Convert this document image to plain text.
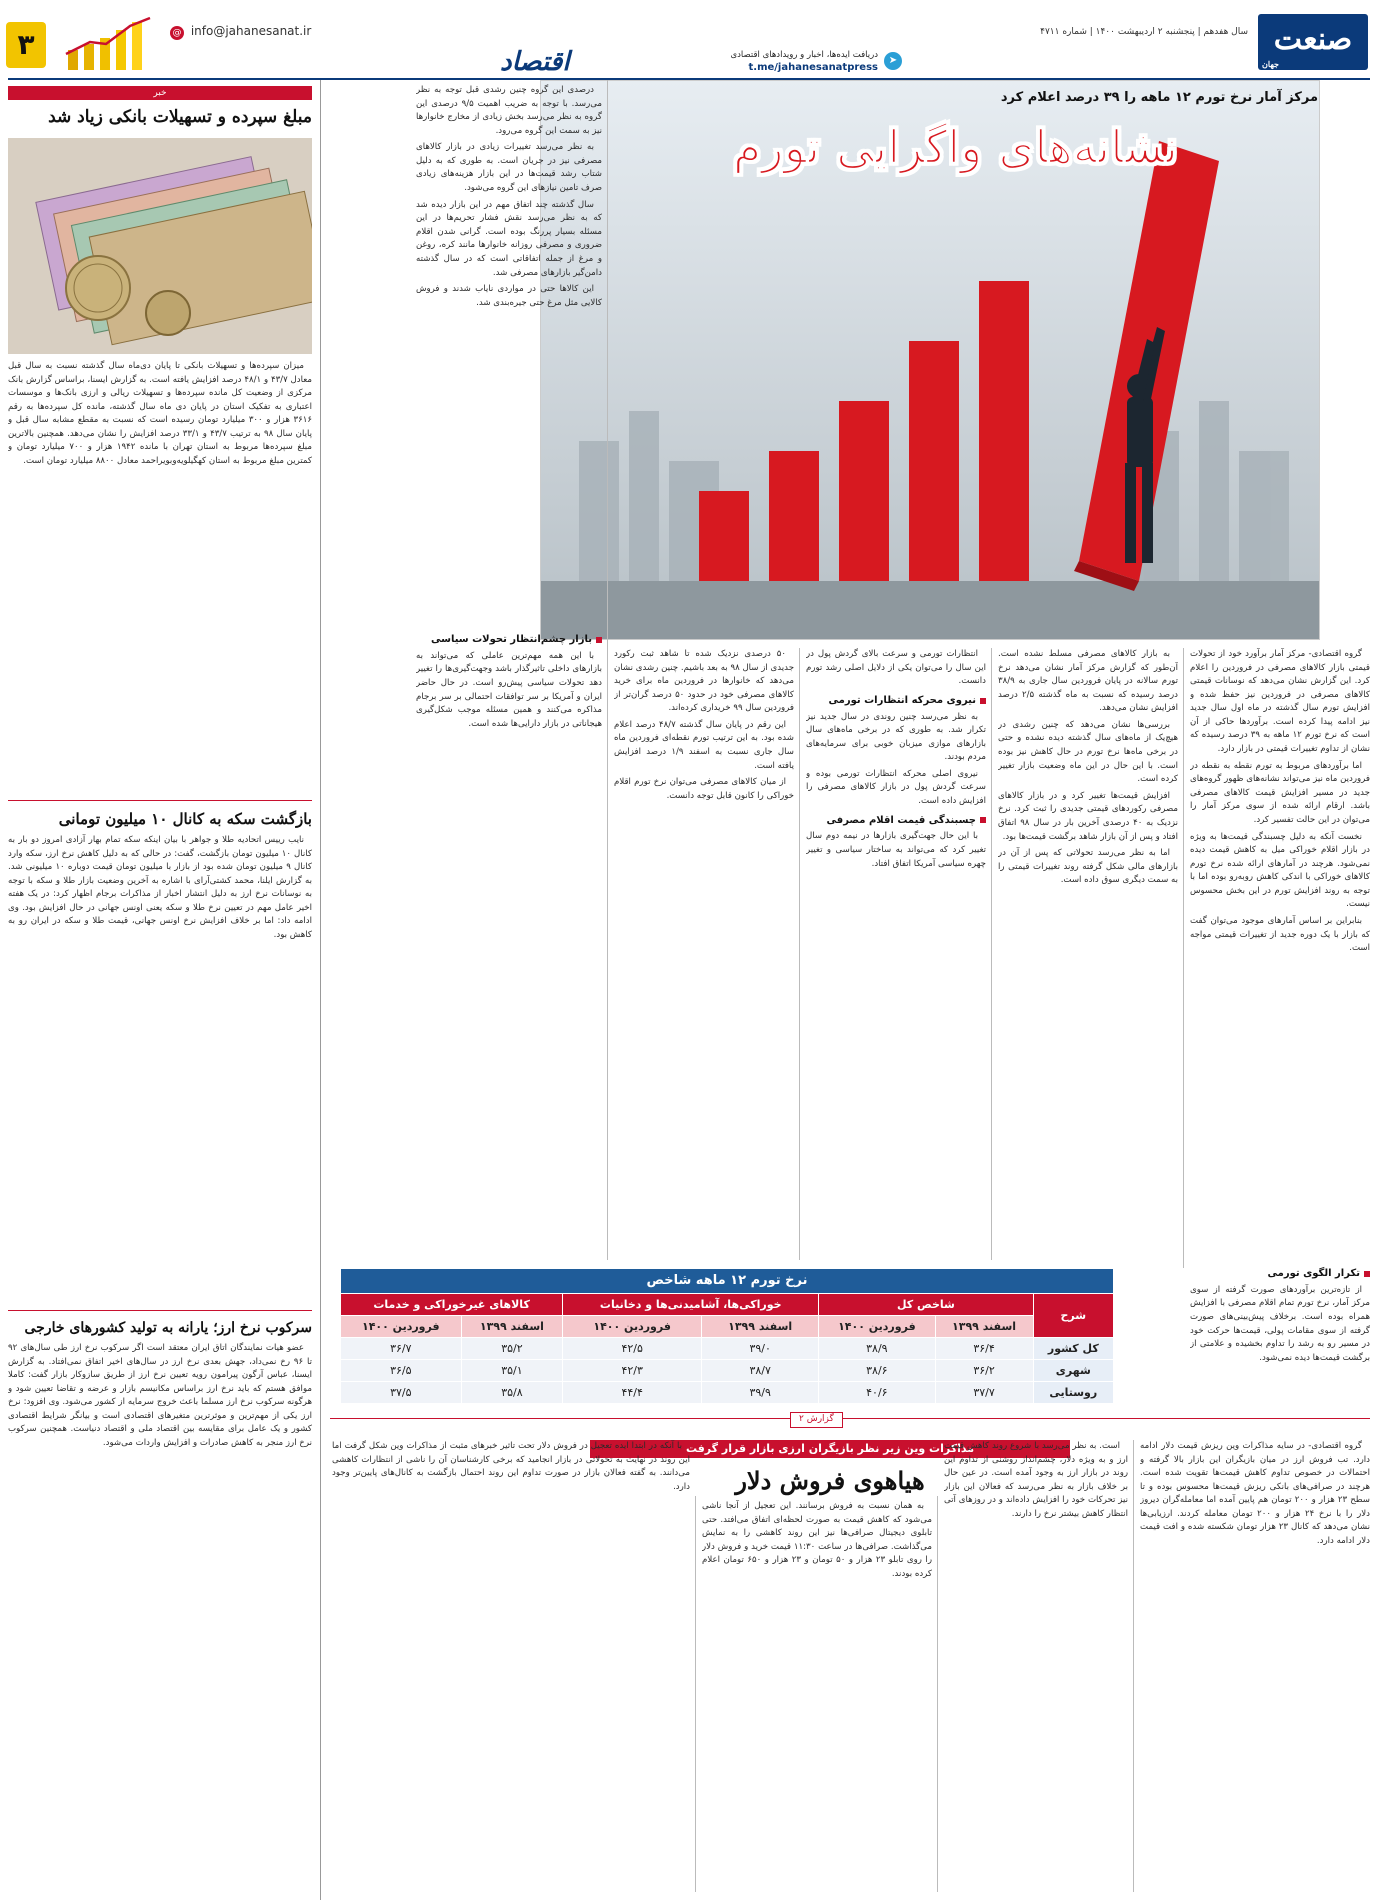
صنعت
جهان
سال هفدهم | پنجشنبه ۲ اردیبهشت ۱۴۰۰ | شماره ۴۷۱۱
➤
دریافت ایده‌ها، اخبار و رویدادهای اقتصادی
t.me/jahanesanatpress
اقتصاد
info@jahanesanat.ir @
۳
مرکز آمار نرخ تورم ۱۲ ماهه را ۳۹ درصد اعلام کرد
نشانه‌های واگرایی تورم

گروه اقتصادی- مرکز آمار برآورد خود از تحولات قیمتی بازار کالاهای مصرفی در فروردین را اعلام کرد. این گزارش نشان می‌دهد که نوسانات قیمتی کالاهای مصرفی در فروردین نیز حفظ شده و افزایش تورم سال گذشته در ماه اول سال جدید نیز ادامه پیدا کرده است. برآوردها حاکی از آن است که نرخ تورم ۱۲ ماهه به ۳۹ درصد رسیده که نشان از تداوم تغییرات قیمتی در بازار دارد.

اما برآوردهای مربوط به تورم نقطه به نقطه در فروردین ماه نیز می‌تواند نشانه‌های ظهور گروه‌های جدید در مسیر افزایش قیمت کالاهای مصرفی باشد. ارقام ارائه شده از سوی مرکز آمار را می‌توان در این حالت تفسیر کرد.

نخست آنکه به دلیل چسبندگی قیمت‌ها به ویژه در بازار اقلام خوراکی میل به کاهش قیمت دیده نمی‌شود. هرچند در آمارهای ارائه شده نرخ تورم کالاهای خوراکی با اندکی کاهش روبه‌رو بوده اما با توجه به روند افزایش تورم در این بخش محسوس نیست.

بنابراین بر اساس آمارهای موجود می‌توان گفت که بازار با یک دوره جدید از تغییرات قیمتی مواجه است.

تکرار الگوی تورمی

از تازه‌ترین برآوردهای صورت گرفته از سوی مرکز آمار، نرخ تورم تمام اقلام مصرفی با افزایش همراه بوده است. برخلاف پیش‌بینی‌های صورت گرفته از سوی مقامات پولی، قیمت‌ها حرکت خود در مسیر رو به رشد را تداوم بخشیده و علامتی از برگشت قیمت‌ها دیده نمی‌شود.

به بازار کالاهای مصرفی مسلط نشده است. آن‌طور که گزارش مرکز آمار نشان می‌دهد نرخ تورم سالانه در پایان فروردین سال جاری به ۳۸/۹ درصد رسیده که نسبت به ماه گذشته ۲/۵ درصد افزایش نشان می‌دهد.

بررسی‌ها نشان می‌دهد که چنین رشدی در هیچ‌یک از ماه‌های سال گذشته دیده نشده و حتی در برخی ماه‌ها نرخ تورم در حال کاهش نیز بوده است. با این حال در این ماه وضعیت بازار تغییر کرده است.

افزایش قیمت‌ها تغییر کرد و در بازار کالاهای مصرفی رکوردهای قیمتی جدیدی را ثبت کرد. نرخ نزدیک به ۴۰ درصدی آخرین بار در سال ۹۸ اتفاق افتاد و پس از آن بازار شاهد برگشت قیمت‌ها بود.

اما به نظر می‌رسد تحولاتی که پس از آن در بازارهای مالی شکل گرفته روند تغییرات قیمتی را به سمت دیگری سوق داده است.

انتظارات تورمی و سرعت بالای گردش پول در این سال را می‌توان یکی از دلایل اصلی رشد تورم دانست.

نیروی محرکه انتظارات تورمی

به نظر می‌رسد چنین روندی در سال جدید نیز تکرار شد. به طوری که در برخی ماه‌های سال بازارهای موازی میزبان خوبی برای سرمایه‌های مردم بودند.

نیروی اصلی محرکه انتظارات تورمی بوده و سرعت گردش پول در بازار کالاهای مصرفی را افزایش داده است.

چسبندگی قیمت اقلام مصرفی

با این حال جهت‌گیری بازارها در نیمه دوم سال تغییر کرد که می‌تواند به ساختار سیاسی و تغییر چهره سیاسی آمریکا اتفاق افتاد.

۵۰ درصدی نزدیک شده تا شاهد ثبت رکورد جدیدی از سال ۹۸ به بعد باشیم. چنین رشدی نشان می‌دهد که خانوارها در فروردین ماه برای خرید کالاهای مصرفی خود در حدود ۵۰ درصد گران‌تر از فروردین سال ۹۹ خریداری کرده‌اند.

این رقم در پایان سال گذشته ۴۸/۷ درصد اعلام شده بود. به این ترتیب تورم نقطه‌ای فروردین ماه سال جاری نسبت به اسفند ۱/۹ درصد افزایش یافته است.

از میان کالاهای مصرفی می‌توان نرخ تورم اقلام خوراکی را کانون قابل توجه دانست.

درصدی این گروه چنین رشدی قبل توجه به نظر می‌رسد. با توجه به ضریب اهمیت ۹/۵ درصدی این گروه به نظر می‌رسد بخش زیادی از مخارج خانوارها نیز به سمت این گروه می‌رود.

به نظر می‌رسد تغییرات زیادی در بازار کالاهای مصرفی نیز در جریان است. به طوری که به دلیل شتاب رشد قیمت‌ها در این بازار هزینه‌های زیادی صرف تامین نیازهای این گروه می‌شود.

سال گذشته چند اتفاق مهم در این بازار دیده شد که به نظر می‌رسد نقش فشار تحریم‌ها در این مسئله بسیار پررنگ بوده است. گرانی شدن اقلام ضروری و مصرفی روزانه خانوارها مانند کره، روغن و مرغ از جمله اتفاقاتی است که در سال گذشته دامن‌گیر بازارهای مصرفی شد.

این کالاها حتی در مواردی نایاب شدند و فروش کالایی مثل مرغ حتی جیره‌بندی شد.

بازار چشم‌انتظار تحولات سیاسی

با این همه مهم‌ترین عاملی که می‌تواند به بازارهای داخلی تاثیرگذار باشد وجهت‌گیری‌ها را تغییر دهد تحولات سیاسی پیش‌رو است. در حال حاضر ایران و آمریکا بر سر توافقات احتمالی بر سر برجام مذاکره می‌کنند و همین مسئله موجب شکل‌گیری هیجاناتی در بازار دارایی‌ها شده است.

نرخ تورم ۱۲ ماهه شاخص						
شرح	شاخص کل		خوراکی‌ها، آشامیدنی‌ها و دخانیات		کالاهای غیرخوراکی و خدمات	
	اسفند ۱۳۹۹	فروردین ۱۴۰۰	اسفند ۱۳۹۹	فروردین ۱۴۰۰	اسفند ۱۳۹۹	فروردین ۱۴۰۰
کل کشور	۳۶/۴	۳۸/۹	۳۹/۰	۴۲/۵	۳۵/۲	۳۶/۷
شهری	۳۶/۲	۳۸/۶	۳۸/۷	۴۲/۳	۳۵/۱	۳۶/۵
روستایی	۳۷/۷	۴۰/۶	۳۹/۹	۴۴/۴	۳۵/۸	۳۷/۵
گزارش ۲
مذاکرات وین زیر نظر بازیگران ارزی بازار قرار گرفت
هیاهوی فروش دلار

گروه اقتصادی- در سایه مذاکرات وین ریزش قیمت دلار ادامه دارد. تب فروش ارز در میان بازیگران این بازار بالا گرفته و احتمالات در خصوص تداوم کاهش قیمت‌ها تقویت شده است. هرچند در صرافی‌های بانکی ریزش قیمت‌ها محسوس بوده و تا سطح ۲۳ هزار و ۲۰۰ تومان هم پایین آمده اما معامله‌گران دیروز دلار را با نرخ ۲۴ هزار و ۲۰۰ تومان معامله کردند. ارزیابی‌ها نشان می‌دهد که کانال ۲۳ هزار تومان شکسته شده و افت قیمت دلار ادامه دارد.

است. به نظر می‌رسد با شروع روند کاهش قیمت ارز و به ویژه دلار، چشم‌انداز روشنی از تداوم این روند در بازار ارز به وجود آمده است. در عین حال بر خلاف بازار به نظر می‌رسد که فعالان این بازار نیز تحرکات خود را افزایش داده‌اند و در روزهای آتی انتظار کاهش بیشتر نرخ را دارند.

به همان نسبت به فروش برسانند. این تعجیل از آنجا ناشی می‌شود که کاهش قیمت به صورت لحظه‌ای اتفاق می‌افتد. حتی تابلوی دیجیتال صرافی‌ها نیز این روند کاهشی را به نمایش می‌گذاشت. صرافی‌ها در ساعت ۱۱:۳۰ قیمت خرید و فروش دلار را روی تابلو ۲۳ هزار و ۵۰ تومان و ۲۳ هزار و ۶۵۰ تومان اعلام کرده بودند.

با آنکه در ابتدا ایده تعجیل در فروش دلار تحت تاثیر خبرهای مثبت از مذاکرات وین شکل گرفت اما این روند در نهایت به تحولاتی در بازار انجامید که برخی کارشناسان آن را ناشی از انتظارات کاهشی می‌دانند. به گفته فعالان بازار در صورت تداوم این روند احتمال بازگشت به کانال‌های پایین‌تر وجود دارد.

خبر
مبلغ سپرده و تسهیلات بانکی زیاد شد

میزان سپرده‌ها و تسهیلات بانکی تا پایان دی‌ماه سال گذشته نسبت به سال قبل معادل ۴۳/۷ و ۴۸/۱ درصد افزایش یافته است. به گزارش ایسنا، براساس گزارش بانک مرکزی از وضعیت کل مانده سپرده‌ها و تسهیلات ریالی و ارزی بانک‌ها و موسسات اعتباری به تفکیک استان در پایان دی ماه سال گذشته، مانده کل سپرده‌ها به رقم ۳۶۱۶ هزار و ۳۰۰ میلیارد تومان رسیده است که نسبت به مقطع مشابه سال قبل و پایان سال ۹۸ به ترتیب ۴۳/۷ و ۳۳/۱ درصد افزایش را نشان می‌دهد. همچنین بالاترین مبلغ سپرده‌ها مربوط به استان تهران با مانده ۱۹۴۲ هزار و ۷۰۰ میلیارد تومان و کمترین مبلغ مربوط به استان کهگیلویه‌وبویراحمد معادل ۸۸۰۰ میلیارد تومان است.

بازگشت سکه به کانال ۱۰ میلیون تومانی

نایب رییس اتحادیه طلا و جواهر با بیان اینکه سکه تمام بهار آزادی امروز دو بار به کانال ۱۰ میلیون تومان بازگشت، گفت: در حالی که به دلیل کاهش نرخ ارز، سکه وارد کانال ۹ میلیون تومان شده بود از بازار با میلیون تومان قیمت دوباره ۱۰ میلیونی شد. به گزارش ایلنا، محمد کشتی‌آرای با اشاره به آخرین وضعیت بازار طلا و سکه با توجه به نوسانات نرخ ارز به دلیل انتشار اخبار از مذاکرات برجام اظهار کرد: در یک هفته اخیر عامل مهم در تعیین نرخ طلا و سکه یعنی اونس جهانی در حال افزایش بود. وی ادامه داد: اما بر خلاف افزایش نرخ اونس جهانی، قیمت طلا و سکه در ایران رو به کاهش بود.

سرکوب نرخ ارز؛ یارانه به تولید کشورهای خارجی

عضو هیات نمایندگان اتاق ایران معتقد است اگر سرکوب نرخ ارز طی سال‌های ۹۲ تا ۹۶ رخ نمی‌داد، جهش بعدی نرخ ارز در سال‌های اخیر اتفاق نمی‌افتاد. به گزارش ایسنا، عباس آرگون پیرامون رویه تعیین نرخ ارز از طریق سازوکار بازار گفت: کاملا موافق هستم که باید نرخ ارز براساس مکانیسم بازار و عرضه و تقاضا تعیین شود و هرگونه سرکوب نرخ ارز مسلما باعث خروج سرمایه از کشور می‌شود. وی افزود: نرخ ارز یکی از مهم‌ترین و موثرترین متغیرهای اقتصادی است و بیانگر شرایط اقتصادی کشور و یک عامل برای مقایسه بین اقتصاد ملی و اقتصاد دنیاست. همچنین سرکوب نرخ ارز منجر به کاهش صادرات و افزایش واردات می‌شود.
